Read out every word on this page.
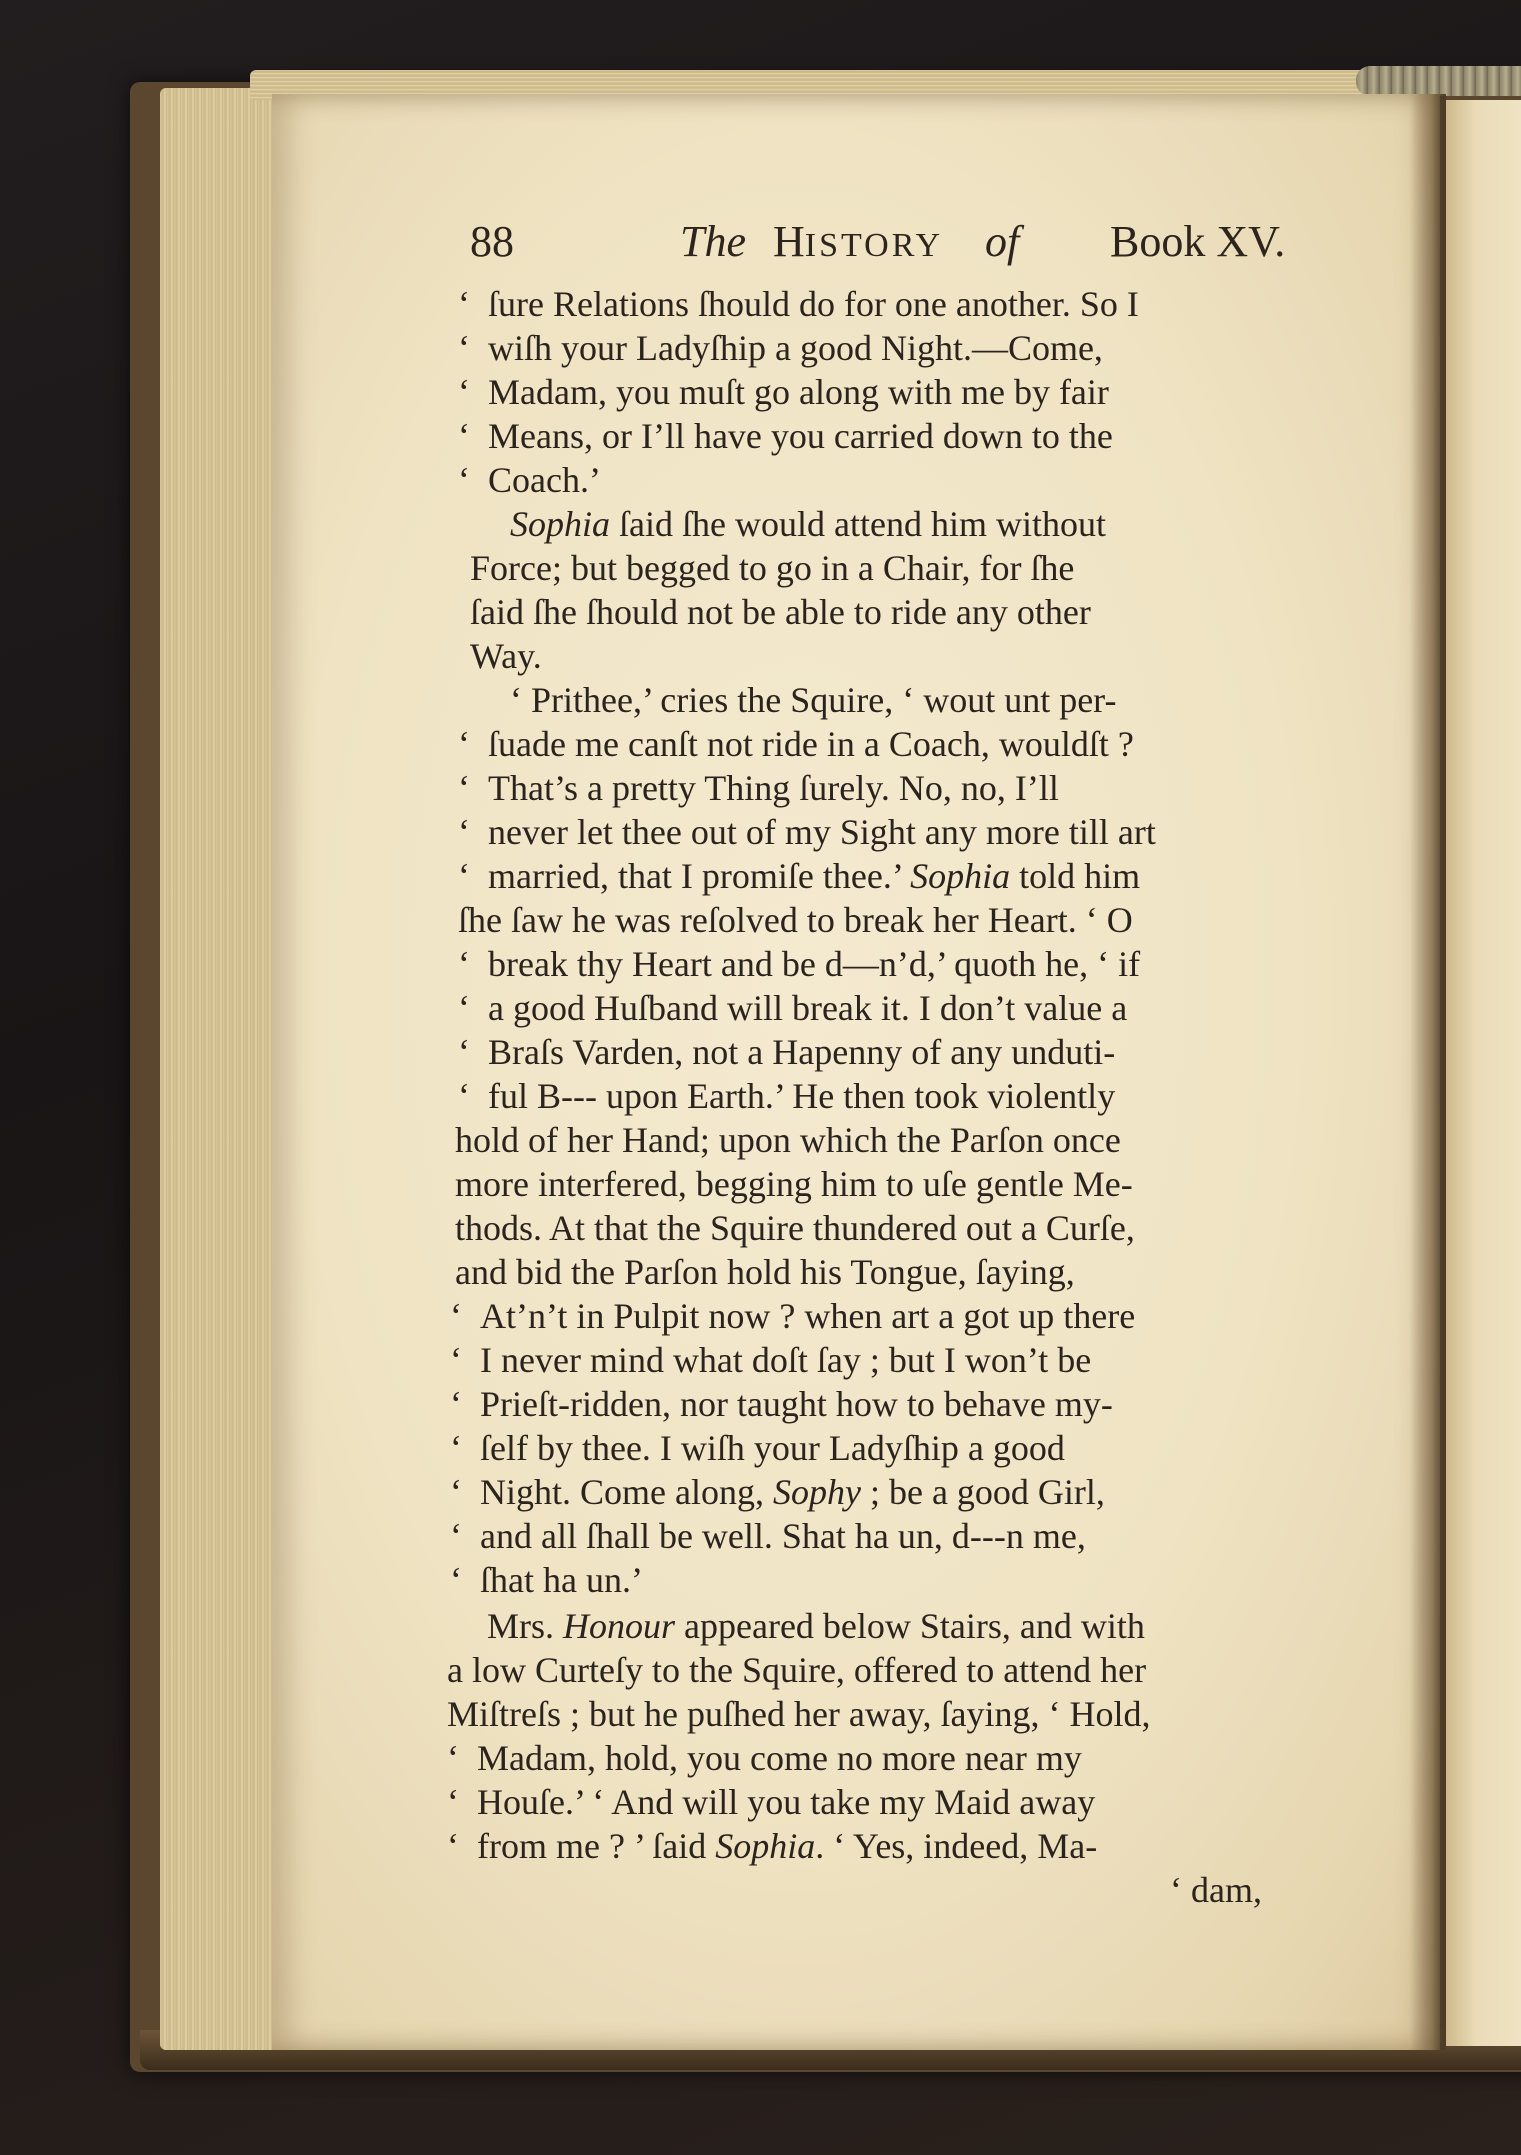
88	The HISTORY of Book XV.
‘ ſure Relations ſhould do for one another. So I
‘ wiſh your Ladyſhip a good Night.—Come,
‘ Madam, you muſt go along with me by fair
‘ Means, or I’ll have you carried down to the
‘ Coach.’
Sophia ſaid ſhe would attend him without
Force; but begged to go in a Chair, for ſhe
ſaid ſhe ſhould not be able to ride any other
Way.
‘ Prithee,’ cries the Squire, ‘ wout unt per-
‘ ſuade me canſt not ride in a Coach, wouldſt ?
‘ That’s a pretty Thing ſurely. No, no, I’ll
‘ never let thee out of my Sight any more till art
‘ married, that I promiſe thee.’ Sophia told him
ſhe ſaw he was reſolved to break her Heart. ‘ O
‘ break thy Heart and be d—n’d,’ quoth he, ‘ if
‘ a good Huſband will break it. I don’t value a
‘ Braſs Varden, not a Hapenny of any unduti-
‘ ful B--- upon Earth.’ He then took violently
hold of her Hand; upon which the Parſon once
more interfered, begging him to uſe gentle Me-
thods. At that the Squire thundered out a Curſe,
and bid the Parſon hold his Tongue, ſaying,
‘ At’n’t in Pulpit now ? when art a got up there
‘ I never mind what doſt ſay ; but I won’t be
‘ Prieſt-ridden, nor taught how to behave my-
‘ ſelf by thee. I wiſh your Ladyſhip a good
‘ Night. Come along, Sophy ; be a good Girl,
‘ and all ſhall be well. Shat ha un, d---n me,
‘ ſhat ha un.’
Mrs. Honour appeared below Stairs, and with
a low Curteſy to the Squire, offered to attend her
Miſtreſs ; but he puſhed her away, ſaying, ‘ Hold,
‘ Madam, hold, you come no more near my
‘ Houſe.’ ‘ And will you take my Maid away
‘ from me ? ’ ſaid Sophia. ‘ Yes, indeed, Ma-
‘ dam,
